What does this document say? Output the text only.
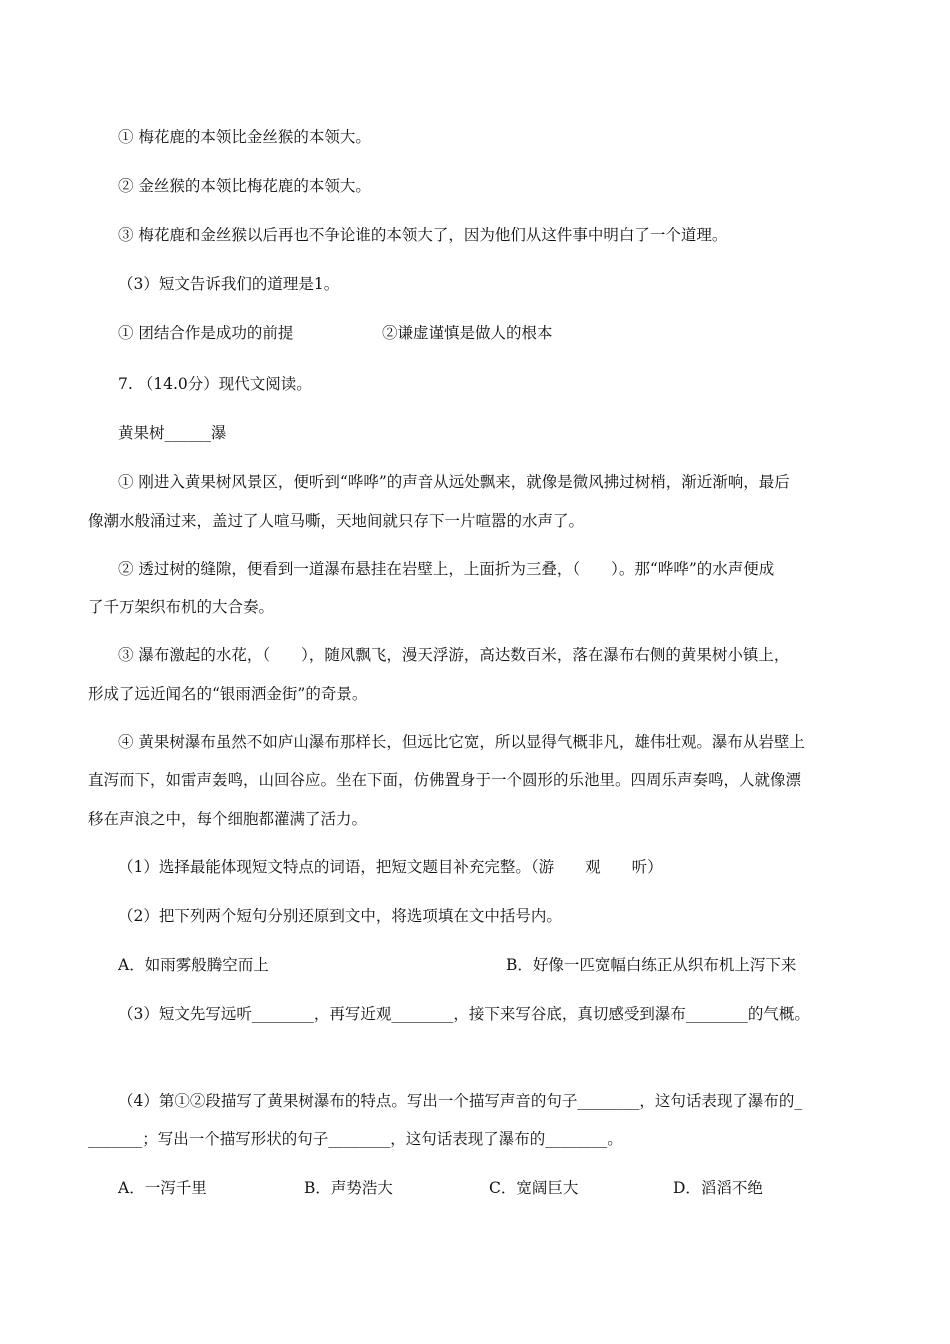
① 梅花鹿的本领比金丝猴的本领大。
② 金丝猴的本领比梅花鹿的本领大。
③ 梅花鹿和金丝猴以后再也不争论谁的本领大了，因为他们从这件事中明白了一个道理。
（3）短文告诉我们的道理是1。
① 团结合作是成功的前提	②谦虚谨慎是做人的根本
7. （14.0分）现代文阅读。
黄果树______瀑
① 刚进入黄果树风景区，便听到“哗哗”的声音从远处飘来，就像是微风拂过树梢，渐近渐响，最后
像潮水般涌过来，盖过了人喧马嘶，天地间就只存下一片喧嚣的水声了。
② 透过树的缝隙，便看到一道瀑布悬挂在岩壁上，上面折为三叠，（　　）。那“哗哗”的水声便成
了千万架织布机的大合奏。
③ 瀑布激起的水花，（　　），随风飘飞，漫天浮游，高达数百米，落在瀑布右侧的黄果树小镇上，
形成了远近闻名的“银雨洒金街”的奇景。
④ 黄果树瀑布虽然不如庐山瀑布那样长，但远比它宽，所以显得气概非凡，雄伟壮观。瀑布从岩壁上
直泻而下，如雷声轰鸣，山回谷应。坐在下面，仿佛置身于一个圆形的乐池里。四周乐声奏鸣，人就像漂
移在声浪之中，每个细胞都灌满了活力。
（1）选择最能体现短文特点的词语，把短文题目补充完整。（游　　观　　听）
（2）把下列两个短句分别还原到文中，将选项填在文中括号内。
A．如雨雾般腾空而上	B．好像一匹宽幅白练正从织布机上泻下来
（3）短文先写远听________，再写近观________，接下来写谷底，真切感受到瀑布________的气概。
（4）第①②段描写了黄果树瀑布的特点。写出一个描写声音的句子________，这句话表现了瀑布的_
_______；写出一个描写形状的句子________，这句话表现了瀑布的________。
A．一泻千里	B．声势浩大	C．宽阔巨大	D．滔滔不绝
